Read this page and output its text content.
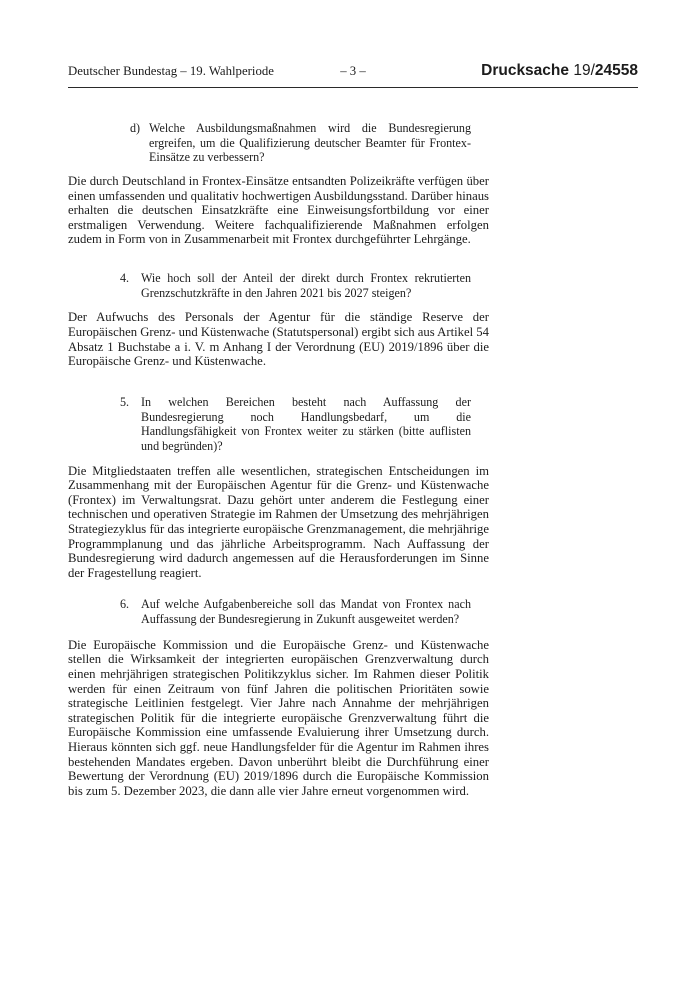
Deutscher Bundestag – 19. Wahlperiode	– 3 –	Drucksache 19/24558
d) Welche Ausbildungsmaßnahmen wird die Bundesregierung ergreifen, um die Qualifizierung deutscher Beamter für Frontex-Einsätze zu verbessern?

Die durch Deutschland in Frontex-Einsätze entsandten Polizeikräfte verfügen über einen umfassenden und qualitativ hochwertigen Ausbildungsstand. Darüber hinaus erhalten die deutschen Einsatzkräfte eine Einweisungsfortbildung vor einer erstmaligen Verwendung. Weitere fachqualifizierende Maßnahmen erfolgen zudem in Form von in Zusammenarbeit mit Frontex durchgeführter Lehrgänge.

4. Wie hoch soll der Anteil der direkt durch Frontex rekrutierten Grenzschutzkräfte in den Jahren 2021 bis 2027 steigen?

Der Aufwuchs des Personals der Agentur für die ständige Reserve der Europäischen Grenz- und Küstenwache (Statutspersonal) ergibt sich aus Artikel 54 Absatz 1 Buchstabe a i. V. m Anhang I der Verordnung (EU) 2019/1896 über die Europäische Grenz- und Küstenwache.

5. In welchen Bereichen besteht nach Auffassung der Bundesregierung noch Handlungsbedarf, um die Handlungsfähigkeit von Frontex weiter zu stärken (bitte auflisten und begründen)?

Die Mitgliedstaaten treffen alle wesentlichen, strategischen Entscheidungen im Zusammenhang mit der Europäischen Agentur für die Grenz- und Küstenwache (Frontex) im Verwaltungsrat. Dazu gehört unter anderem die Festlegung einer technischen und operativen Strategie im Rahmen der Umsetzung des mehrjährigen Strategiezyklus für das integrierte europäische Grenzmanagement, die mehrjährige Programmplanung und das jährliche Arbeitsprogramm. Nach Auffassung der Bundesregierung wird dadurch angemessen auf die Herausforderungen im Sinne der Fragestellung reagiert.

6. Auf welche Aufgabenbereiche soll das Mandat von Frontex nach Auffassung der Bundesregierung in Zukunft ausgeweitet werden?

Die Europäische Kommission und die Europäische Grenz- und Küstenwache stellen die Wirksamkeit der integrierten europäischen Grenzverwaltung durch einen mehrjährigen strategischen Politikzyklus sicher. Im Rahmen dieser Politik werden für einen Zeitraum von fünf Jahren die politischen Prioritäten sowie strategische Leitlinien festgelegt. Vier Jahre nach Annahme der mehrjährigen strategischen Politik für die integrierte europäische Grenzverwaltung führt die Europäische Kommission eine umfassende Evaluierung ihrer Umsetzung durch. Hieraus könnten sich ggf. neue Handlungsfelder für die Agentur im Rahmen ihres bestehenden Mandates ergeben. Davon unberührt bleibt die Durchführung einer Bewertung der Verordnung (EU) 2019/1896 durch die Europäische Kommission bis zum 5. Dezember 2023, die dann alle vier Jahre erneut vorgenommen wird.
